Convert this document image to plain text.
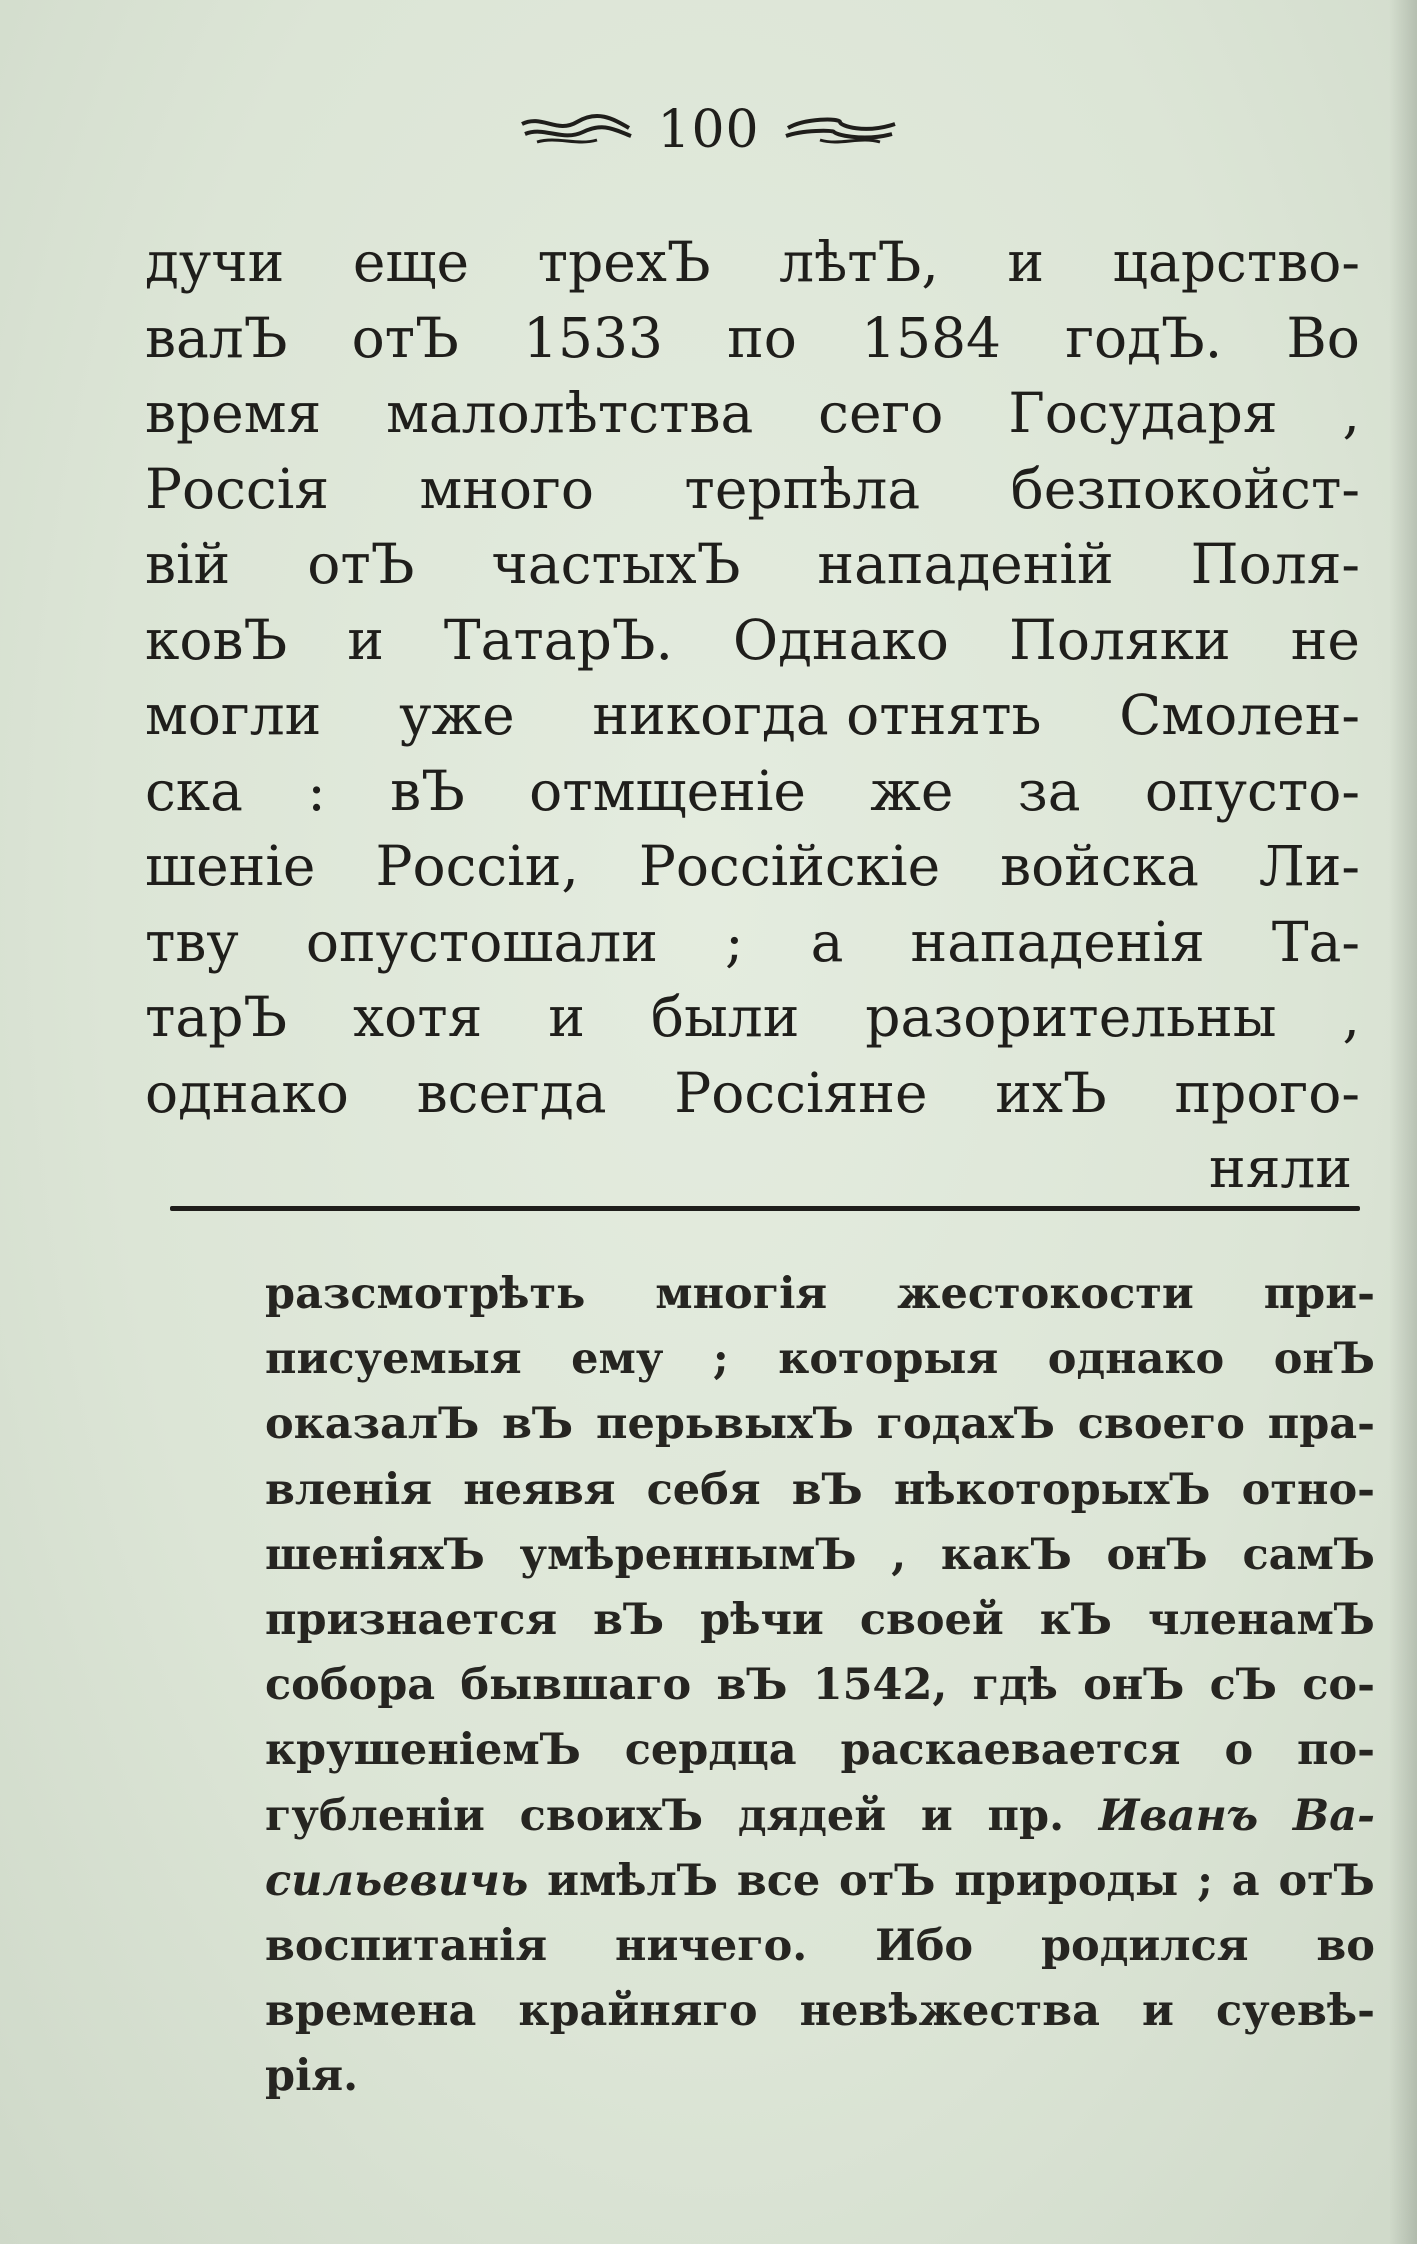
100
дучи еще трехЪ лѣтЪ, и царство-
валЪ отЪ 1533 по 1584 годЪ. Во
время малолѣтства сего Государя ,
Россія много терпѣла безпокойст-
вій отЪ частыхЪ нападеній Поля-
ковЪ и ТатарЪ. Однако Поляки не
могли уже никогда отнять Смолен-
ска : вЪ отмщеніе же за опусто-
шеніе Россіи, Россійскіе войска Ли-
тву опустошали ; а нападенія Та-
тарЪ хотя и были разорительны ,
однако всегда Россіяне ихЪ прого-
няли
разсмотрѣть многія жестокости при-
писуемыя ему ; которыя однако онЪ
оказалЪ вЪ перьвыхЪ годахЪ своего пра-
вленія неявя себя вЪ нѣкоторыхЪ отно-
шеніяхЪ умѣреннымЪ , какЪ онЪ самЪ
признается вЪ рѣчи своей кЪ членамЪ
собора бывшаго вЪ 1542, гдѣ онЪ сЪ со-
крушеніемЪ сердца раскаевается о по-
губленіи своихЪ дядей и пр. Иванъ Ва-
сильевичь имѣлЪ все отЪ природы ; а отЪ
воспитанія ничего. Ибо родился во
времена крайняго невѣжества и суевѣ-
рія.
